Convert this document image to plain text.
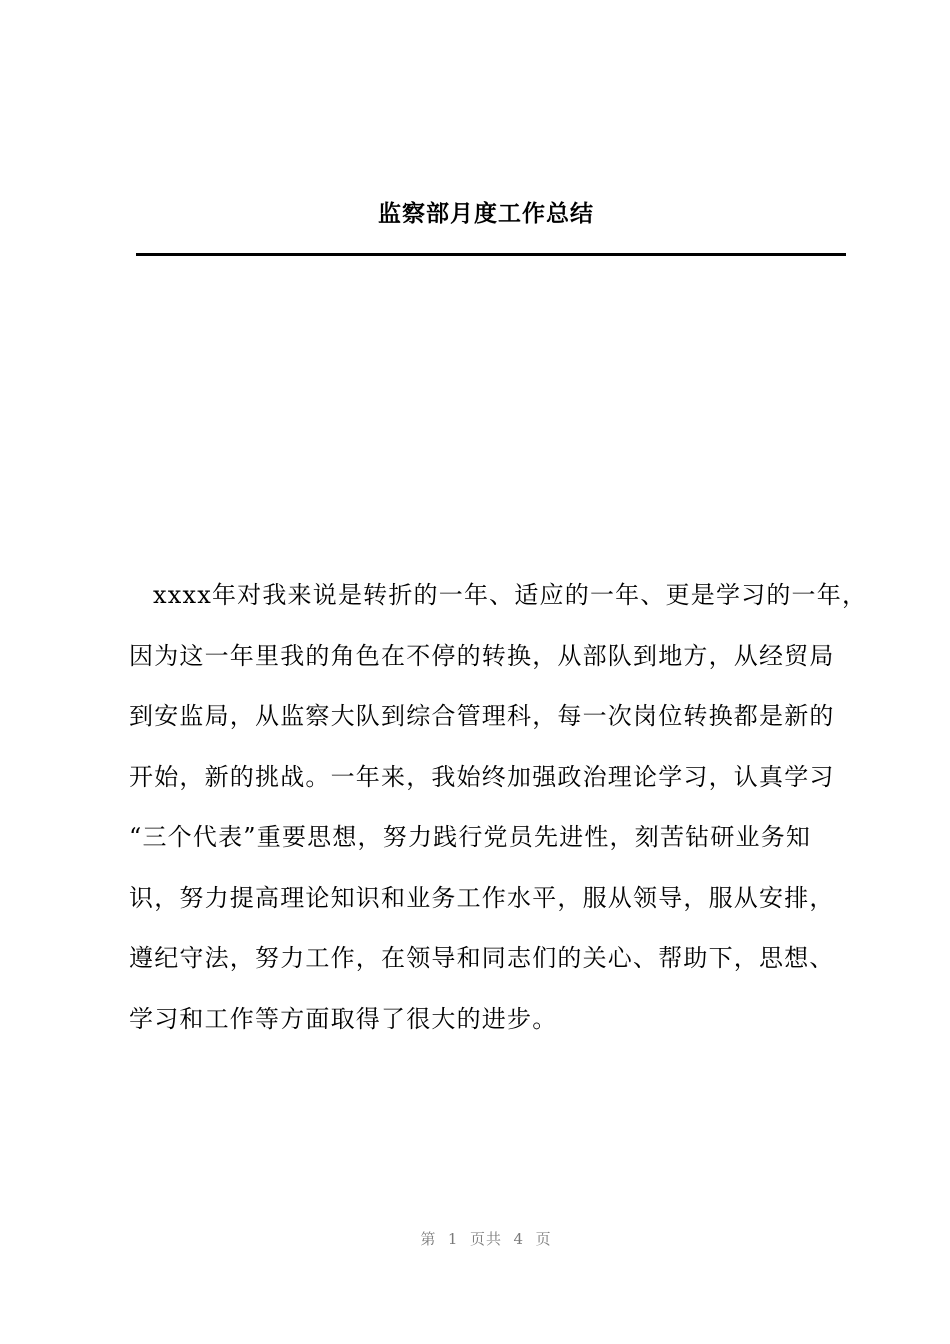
监察部月度工作总结
xxxx年对我来说是转折的一年、适应的一年、更是学习的一年，
因为这一年里我的角色在不停的转换，从部队到地方，从经贸局
到安监局，从监察大队到综合管理科，每一次岗位转换都是新的
开始，新的挑战。一年来，我始终加强政治理论学习，认真学习
“三个代表”重要思想，努力践行党员先进性，刻苦钻研业务知
识，努力提高理论知识和业务工作水平，服从领导，服从安排，
遵纪守法，努力工作，在领导和同志们的关心、帮助下，思想、
学习和工作等方面取得了很大的进步。
第  1  页共  4  页
